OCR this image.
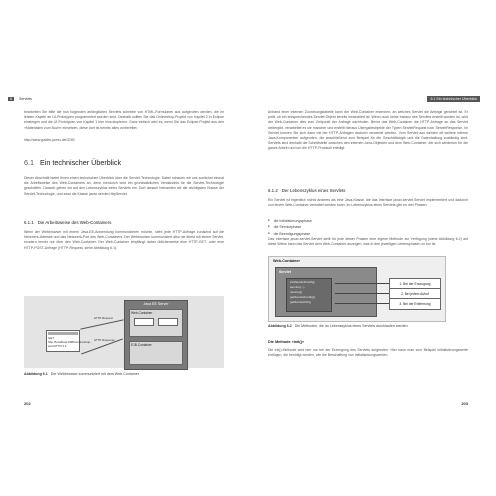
6 Servlets
bearbeiten Sie bitte die nun folgenden anfänglichen Servlets schreibe von HTML-Formularen aus aufgerufen werden, die im letzten Kapitel an UI-Prototypen programmiert worden sind. Deshalb sollten Sie das Onlineshop-Projekt von Kapitel 2 in Eclipse einsteigen und die UI-Prototypen von Kapitel 1 hier hinzukopieren. Ganz einfach wird es, wenn Sie das Eclipse-Projekt aus den »Materialien zum Buch« einsetzen, diese dort ist bereits alles vorbereitet:
http://www.galileo-press.de/3260
6.1 Ein technischer Überblick
Dieser Abschnitt bietet Ihnen einen technischen Überblick über die Servlet-Technologie. Dabei schauen wir uns zunächst einmal die Arbeitsweise des Web-Containers an, denn hierdurch wird ein grundsätzliches Verständnis für die Servlet-Technologie geschaffen. Danach gehen wir auf den Lebenszyklus eines Servlets ein. Dort danach betrachten wir die wichtigsten Klasse der Servlet-Technologie, und zwar die Klasse javax.servlet.HttpServlet.
6.1.1 Die Arbeitsweise des Web-Containers
Wenn der Webbrowser mit einem Java-EE-Anwendung kommunizieren möchte, sieht jede HTTP-Anfrage zunächst auf die Netzwerk-Adresse und das Netzwerk-Port des Web-Containers. Der Webbrowser kommuniziert also nie direkt mit einem Servlet, sondern immer nur über den Web-Container. Der Web-Container empfängt daher üblicherweise eine HTTP-GET- oder eine HTTP-POST-Anfrage (HTTP-Request, siehe Abbildung 6.1).
GET http://localhost:8080/onlineshop-war/HTTP/1.1
HTTP-Request
HTTP-Response
Java EE Server
Web-Container
EJB-Container
Abbildung 6.1 Der Webbrowser kommuniziert mit dem Web-Container
202
6.1 Ein technischer Überblick
Anhand einer internen Zuordnungstabelle kann der Web-Container erkennen, an welches Servlet die Anfrage gerichtet ist. Er prüft, ob ein entsprechendes Servlet-Objekt bereits instanziiert ist. Wenn noch keine Instanz des Servlets erstellt worden ist, wird der Web-Container dies zum Zeitpunkt der Anfrage nachholen. Bevor das Web-Container die HTTP-Anfrage an das Servlet weitergibt, verarbeitet es sie mancher und erstellt hieraus Übergabeobjekte der Typen ServletRequest bzw. ServletResponse. Im Servlet können Sie sich dann mit der HTTP-Anfragen dadurch verwertet werden. Vom Servlet aus werden oft weitere interne Java-Komponenten aufgerufen, die anschließend zum Beispiel für die Geschäftslogik und die Datenhaltung zuständig sind. Servlets sind deshalb die Schnittstelle zwischen den internen Java-Objekten und dem Web-Container, der sich wiederum für die ganze Arbeit rund um die HTTP-Protokoll erledigt.
6.1.2 Der Lebenszyklus eines Servlets
Ein Servlet ist eigentlich nichts anderes als eine Java-Klasse, die das Interface javax.servlet.Servlet implementiert und dadurch von einem Web-Container verwaltet werden kann. Im Lebenszyklus eines Servlets gibt es drei Phasen:
■ die Initialisierungsphase
■ die Servicephase
■ die Beendigungsphase
Das Interface javax.servlet.Servlet stellt für jede dieser Phasen eine eigene Methode zur Verfügung (siehe Abbildung 6.2) auf diese Weise kann das Servlet dem Web-Container anzeigen, was in den jeweiligen Lebensphasen zu tun ist.
Web-Container
Servlet
init(ServletConfig)
service(...)
destroy()
getServletConfig()
getServletInfo()
1. Bei der Erzeugung
2. Bei jedem Aufruf
3. Bei der Entfernung
Abbildung 6.2 Die Methoden, die im Lebenszyklus eines Servlets durchlaufen werden
Die Methode »init()«
Die init()-Methode wird hier nur bei der Erzeugung des Servlets aufgerufen. Hier kann man zum Beispiel Initialisierungswerte einfügen, die benötigt werden, wie die Beschaffung von Initialisierungswerten.
203
